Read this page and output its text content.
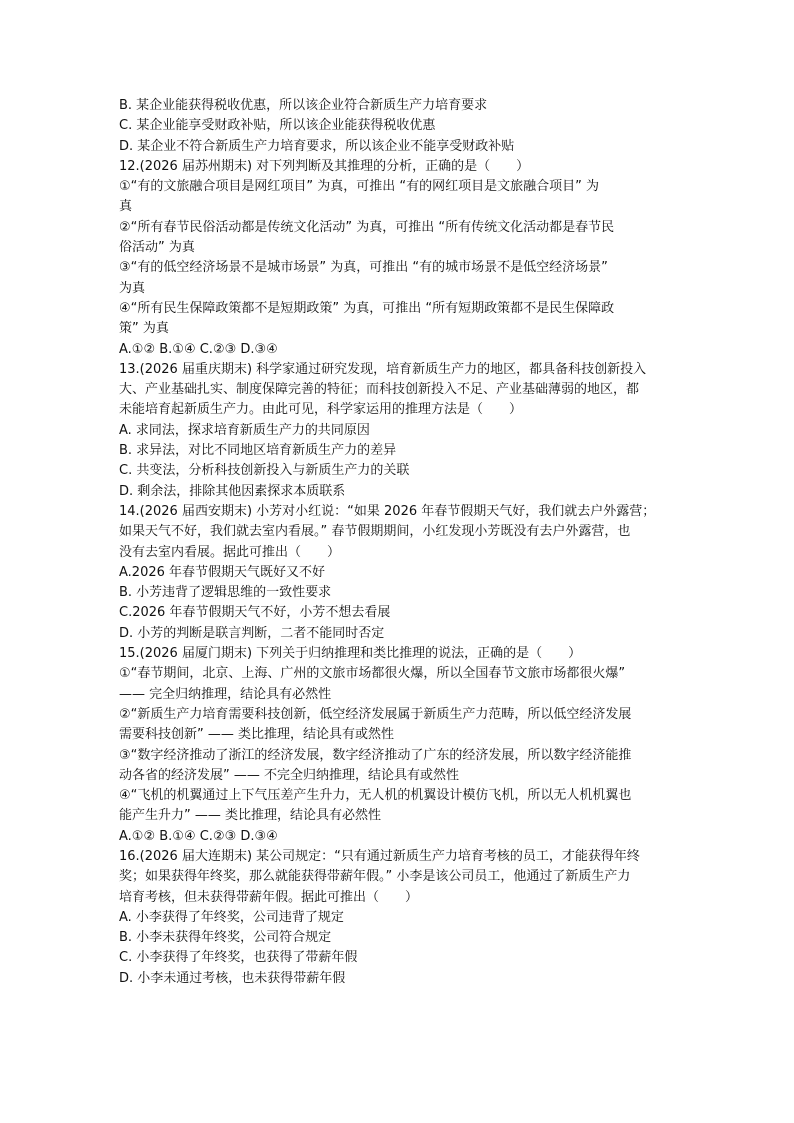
B. 某企业能获得税收优惠，所以该企业符合新质生产力培育要求
C. 某企业能享受财政补贴，所以该企业能获得税收优惠
D. 某企业不符合新质生产力培育要求，所以该企业不能享受财政补贴
12.(2026 届苏州期末) 对下列判断及其推理的分析，正确的是（　　）
①“有的文旅融合项目是网红项目” 为真，可推出 “有的网红项目是文旅融合项目” 为
真
②“所有春节民俗活动都是传统文化活动” 为真，可推出 “所有传统文化活动都是春节民
俗活动” 为真
③“有的低空经济场景不是城市场景” 为真，可推出 “有的城市场景不是低空经济场景”
为真
④“所有民生保障政策都不是短期政策” 为真，可推出 “所有短期政策都不是民生保障政
策” 为真
A.①② B.①④ C.②③ D.③④
13.(2026 届重庆期末) 科学家通过研究发现，培育新质生产力的地区，都具备科技创新投入
大、产业基础扎实、制度保障完善的特征；而科技创新投入不足、产业基础薄弱的地区，都
未能培育起新质生产力。由此可见，科学家运用的推理方法是（　　）
A. 求同法，探求培育新质生产力的共同原因
B. 求异法，对比不同地区培育新质生产力的差异
C. 共变法，分析科技创新投入与新质生产力的关联
D. 剩余法，排除其他因素探求本质联系
14.(2026 届西安期末) 小芳对小红说：“如果 2026 年春节假期天气好，我们就去户外露营；
如果天气不好，我们就去室内看展。” 春节假期期间，小红发现小芳既没有去户外露营，也
没有去室内看展。据此可推出（　　）
A.2026 年春节假期天气既好又不好
B. 小芳违背了逻辑思维的一致性要求
C.2026 年春节假期天气不好，小芳不想去看展
D. 小芳的判断是联言判断，二者不能同时否定
15.(2026 届厦门期末) 下列关于归纳推理和类比推理的说法，正确的是（　　）
①“春节期间，北京、上海、广州的文旅市场都很火爆，所以全国春节文旅市场都很火爆”
—— 完全归纳推理，结论具有必然性
②“新质生产力培育需要科技创新，低空经济发展属于新质生产力范畴，所以低空经济发展
需要科技创新” —— 类比推理，结论具有或然性
③“数字经济推动了浙江的经济发展，数字经济推动了广东的经济发展，所以数字经济能推
动各省的经济发展” —— 不完全归纳推理，结论具有或然性
④“飞机的机翼通过上下气压差产生升力，无人机的机翼设计模仿飞机，所以无人机机翼也
能产生升力” —— 类比推理，结论具有必然性
A.①② B.①④ C.②③ D.③④
16.(2026 届大连期末) 某公司规定：“只有通过新质生产力培育考核的员工，才能获得年终
奖；如果获得年终奖，那么就能获得带薪年假。” 小李是该公司员工，他通过了新质生产力
培育考核，但未获得带薪年假。据此可推出（　　）
A. 小李获得了年终奖，公司违背了规定
B. 小李未获得年终奖，公司符合规定
C. 小李获得了年终奖，也获得了带薪年假
D. 小李未通过考核，也未获得带薪年假
